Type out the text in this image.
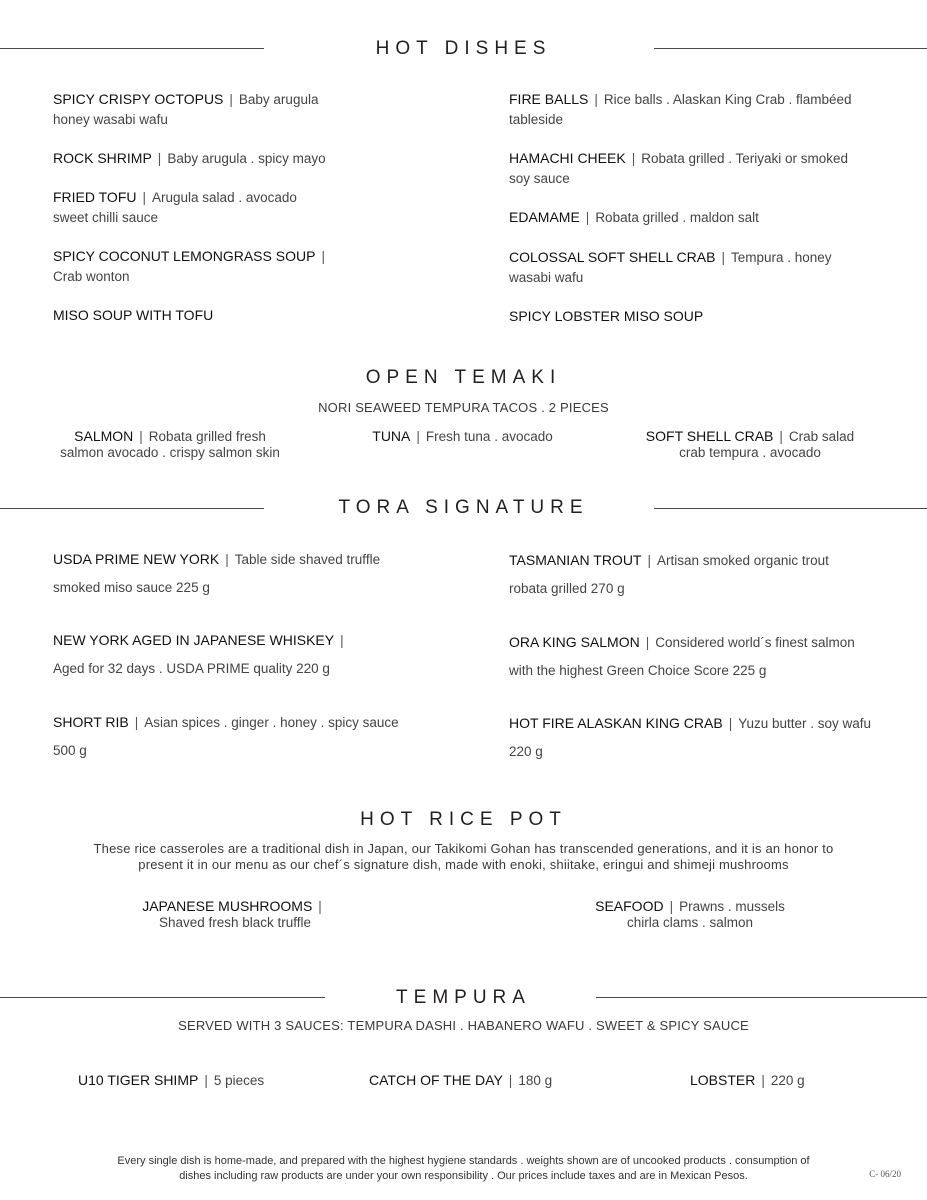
HOT DISHES
SPICY CRISPY OCTOPUS | Baby arugula
honey wasabi wafu
ROCK SHRIMP | Baby arugula . spicy mayo
FRIED TOFU | Arugula salad . avocado
sweet chilli sauce
SPICY COCONUT LEMONGRASS SOUP |
Crab wonton
MISO SOUP WITH TOFU
FIRE BALLS | Rice balls . Alaskan King Crab . flambéed
tableside
HAMACHI CHEEK | Robata grilled . Teriyaki or smoked
soy sauce
EDAMAME | Robata grilled . maldon salt
COLOSSAL SOFT SHELL CRAB | Tempura . honey
wasabi wafu
SPICY LOBSTER MISO SOUP
OPEN TEMAKI
NORI SEAWEED TEMPURA TACOS . 2 PIECES
SALMON | Robata grilled fresh
salmon avocado . crispy salmon skin
TUNA | Fresh tuna . avocado	SOFT SHELL CRAB | Crab salad
crab tempura . avocado
TORA SIGNATURE
USDA PRIME NEW YORK | Table side shaved truffle
smoked miso sauce 225 g
NEW YORK AGED IN JAPANESE WHISKEY |
Aged for 32 days . USDA PRIME quality 220 g
SHORT RIB | Asian spices . ginger . honey . spicy sauce
500 g
TASMANIAN TROUT | Artisan smoked organic trout
robata grilled 270 g
ORA KING SALMON | Considered world´s finest salmon
with the highest Green Choice Score 225 g
HOT FIRE ALASKAN KING CRAB | Yuzu butter . soy wafu
220 g
HOT RICE POT
These rice casseroles are a traditional dish in Japan, our Takikomi Gohan has transcended generations, and it is an honor to
present it in our menu as our chef´s signature dish, made with enoki, shiitake, eringui and shimeji mushrooms
JAPANESE MUSHROOMS |
Shaved fresh black truffle
SEAFOOD | Prawns . mussels
chirla clams . salmon
TEMPURA
SERVED WITH 3 SAUCES: TEMPURA DASHI . HABANERO WAFU . SWEET & SPICY SAUCE
U10 TIGER SHIMP | 5 pieces	CATCH OF THE DAY | 180 g	LOBSTER | 220 g
Every single dish is home-made, and prepared with the highest hygiene standards . weights shown are of uncooked products . consumption of
dishes including raw products are under your own responsibility . Our prices include taxes and are in Mexican Pesos.	C- 06/20
